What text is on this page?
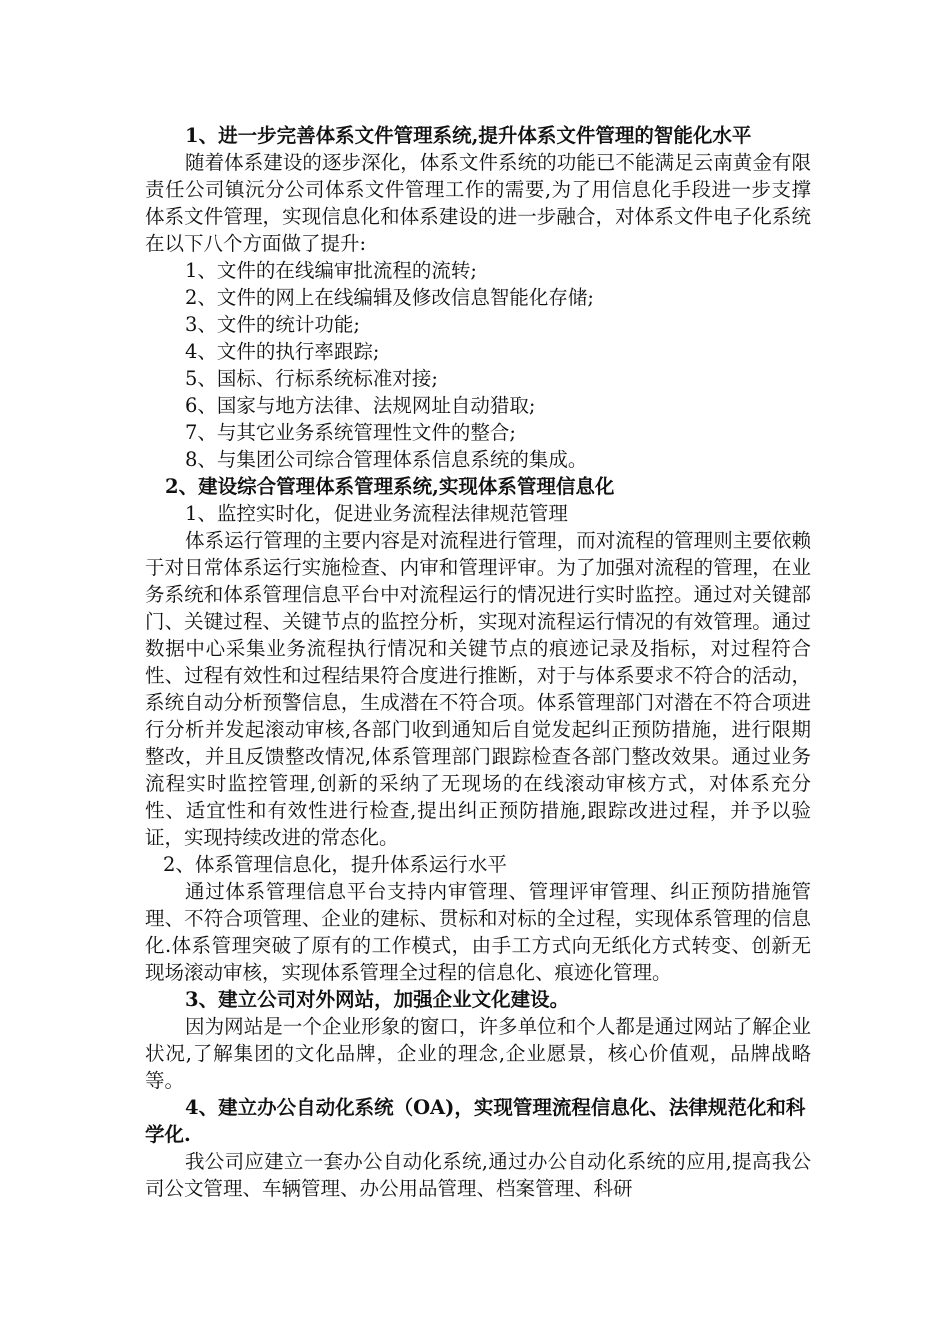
1、进一步完善体系文件管理系统,提升体系文件管理的智能化水平

随着体系建设的逐步深化，体系文件系统的功能已不能满足云南黄金有限责任公司镇沅分公司体系文件管理工作的需要,为了用信息化手段进一步支撑体系文件管理，实现信息化和体系建设的进一步融合，对体系文件电子化系统在以下八个方面做了提升:

1、文件的在线编审批流程的流转;

2、文件的网上在线编辑及修改信息智能化存储;

3、文件的统计功能;

4、文件的执行率跟踪;

5、国标、行标系统标准对接;

6、国家与地方法律、法规网址自动猎取;

7、与其它业务系统管理性文件的整合;

8、与集团公司综合管理体系信息系统的集成。

2、建设综合管理体系管理系统,实现体系管理信息化

1、监控实时化，促进业务流程法律规范管理

体系运行管理的主要内容是对流程进行管理，而对流程的管理则主要依赖于对日常体系运行实施检查、内审和管理评审。为了加强对流程的管理，在业务系统和体系管理信息平台中对流程运行的情况进行实时监控。通过对关键部门、关键过程、关键节点的监控分析，实现对流程运行情况的有效管理。通过数据中心采集业务流程执行情况和关键节点的痕迹记录及指标，对过程符合性、过程有效性和过程结果符合度进行推断，对于与体系要求不符合的活动，系统自动分析预警信息，生成潜在不符合项。体系管理部门对潜在不符合项进行分析并发起滚动审核,各部门收到通知后自觉发起纠正预防措施，进行限期整改，并且反馈整改情况,体系管理部门跟踪检查各部门整改效果。通过业务流程实时监控管理,创新的采纳了无现场的在线滚动审核方式，对体系充分性、适宜性和有效性进行检查,提出纠正预防措施,跟踪改进过程，并予以验证，实现持续改进的常态化。

2、体系管理信息化，提升体系运行水平

通过体系管理信息平台支持内审管理、管理评审管理、纠正预防措施管理、不符合项管理、企业的建标、贯标和对标的全过程，实现体系管理的信息化.体系管理突破了原有的工作模式，由手工方式向无纸化方式转变、创新无现场滚动审核，实现体系管理全过程的信息化、痕迹化管理。

3、建立公司对外网站，加强企业文化建设。

因为网站是一个企业形象的窗口，许多单位和个人都是通过网站了解企业状况,了解集团的文化品牌，企业的理念,企业愿景，核心价值观，品牌战略等。

4、建立办公自动化系统（OA)，实现管理流程信息化、法律规范化和科学化.

我公司应建立一套办公自动化系统,通过办公自动化系统的应用,提高我公司公文管理、车辆管理、办公用品管理、档案管理、科研
